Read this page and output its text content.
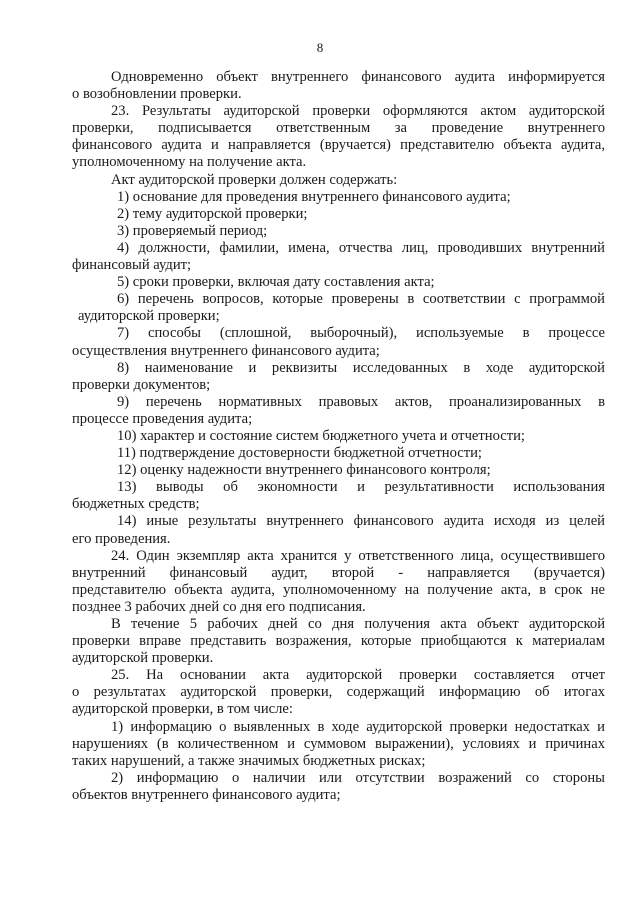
8
Одновременно объект внутреннего финансового аудита информируется
о возобновлении проверки.
23. Результаты аудиторской проверки оформляются актом аудиторской
проверки, подписывается ответственным за проведение внутреннего
финансового аудита и направляется (вручается) представителю объекта аудита,
уполномоченному на получение акта.
Акт аудиторской проверки должен содержать:
1) основание для проведения внутреннего финансового аудита;
2) тему аудиторской проверки;
3) проверяемый период;
4) должности, фамилии, имена, отчества лиц, проводивших внутренний
финансовый аудит;
5) сроки проверки, включая дату составления акта;
6) перечень вопросов, которые проверены в соответствии с программой
аудиторской проверки;
7) способы (сплошной, выборочный), используемые в процессе
осуществления внутреннего финансового аудита;
8) наименование и реквизиты исследованных в ходе аудиторской
проверки документов;
9) перечень нормативных правовых актов, проанализированных в
процессе проведения аудита;
10) характер и состояние систем бюджетного учета и отчетности;
11) подтверждение достоверности бюджетной отчетности;
12) оценку надежности внутреннего финансового контроля;
13) выводы об экономности и результативности использования
бюджетных средств;
14) иные результаты внутреннего финансового аудита исходя из целей
его проведения.
24. Один экземпляр акта хранится у ответственного лица, осуществившего
внутренний финансовый аудит, второй - направляется (вручается)
представителю объекта аудита, уполномоченному на получение акта, в срок не
позднее 3 рабочих дней со дня его подписания.
В течение 5 рабочих дней со дня получения акта объект аудиторской
проверки вправе представить возражения, которые приобщаются к материалам
аудиторской проверки.
25. На основании акта аудиторской проверки составляется отчет
о результатах аудиторской проверки, содержащий информацию об итогах
аудиторской проверки, в том числе:
1) информацию о выявленных в ходе аудиторской проверки недостатках и
нарушениях (в количественном и суммовом выражении), условиях и причинах
таких нарушений, а также значимых бюджетных рисках;
2) информацию о наличии или отсутствии возражений со стороны
объектов внутреннего финансового аудита;
